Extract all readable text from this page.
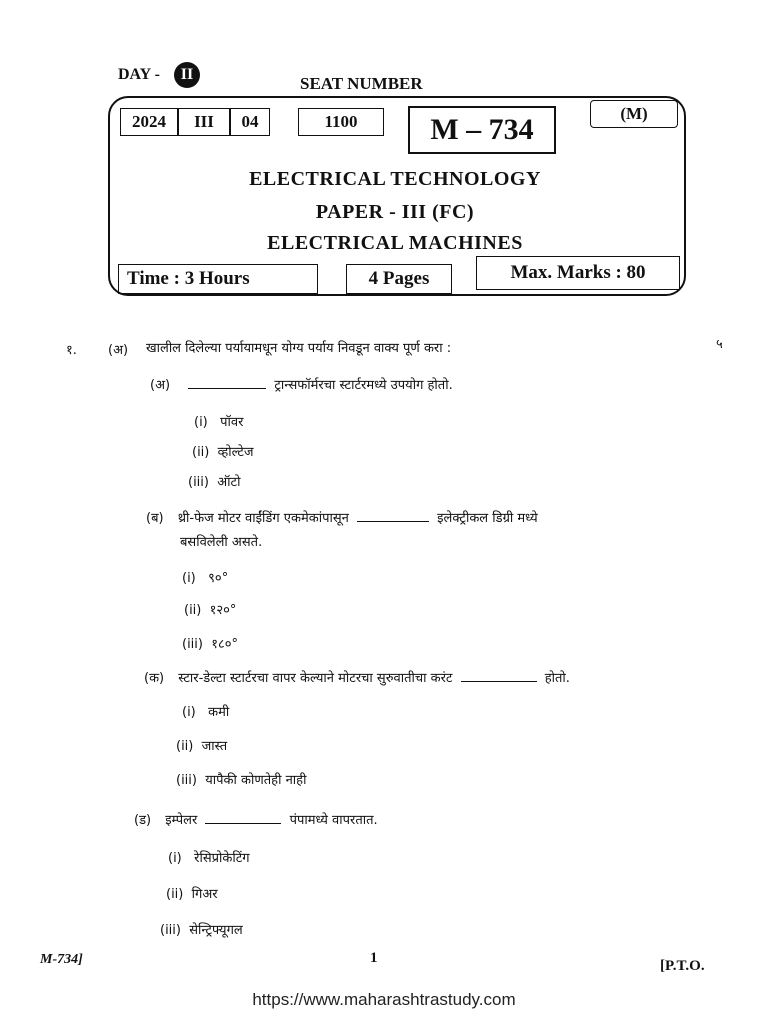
DAY - II	SEAT NUMBER
2024 III 04	1100 M – 734	(M)
ELECTRICAL TECHNOLOGY
PAPER - III (FC)
ELECTRICAL MACHINES
Time : 3 Hours	4 Pages	Max. Marks : 80
१. (अ) खालील दिलेल्या पर्यायामधून योग्य पर्याय निवडून वाक्य पूर्ण करा :	५
(अ)	ट्रान्सफॉर्मरचा स्टार्टरमध्ये उपयोग होतो.
(i) पॉवर
(ii) व्होल्टेज
(iii) ऑटो
(ब) थ्री-फेज मोटर वाईंडिंग एकमेकांपासून	इलेक्ट्रीकल डिग्री मध्ये
बसविलेली असते.
(i) ९०°
(ii) १२०°
(iii) १८०°
(क) स्टार-डेल्टा स्टार्टरचा वापर केल्याने मोटरचा सुरुवातीचा करंट	होतो.
(i) कमी
(ii) जास्त
(iii) यापैकी कोणतेही नाही
(ड) इम्पेलर	पंपामध्ये वापरतात.
(i) रेसिप्रोकेटिंग
(ii) गिअर
(iii) सेन्ट्रिफ्यूगल
M-734]	1	[P.T.O.
https://www.maharashtrastudy.com
